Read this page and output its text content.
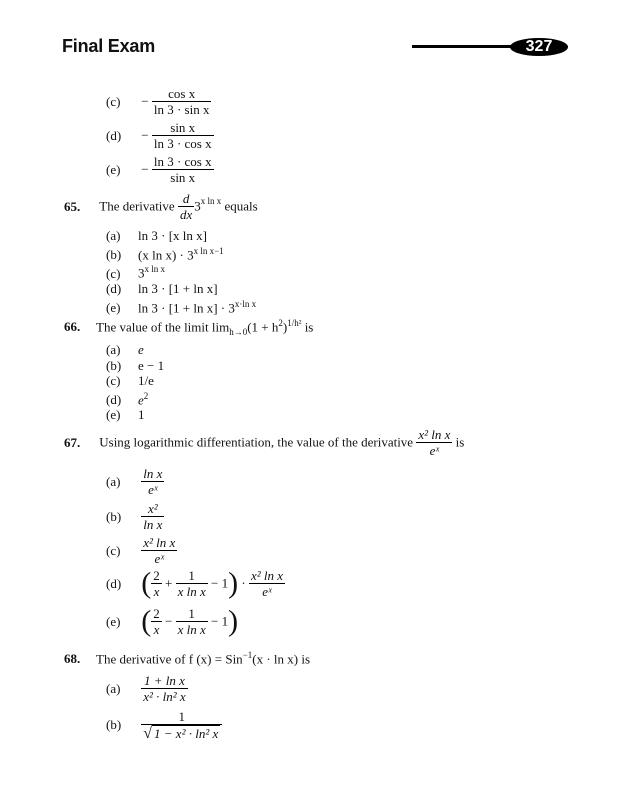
Final Exam	327
$(c) - \frac{\text{cos x}}{\text{ln 3 · sin x}}$
$(d) - \frac{\text{sin x}}{\text{ln 3 · cos x}}$
$(e) - \frac{\text{ln 3 · cos x}}{\text{sin x}}$
65. The derivative $\frac{d}{dx} 3^{x ln x}$ equals
(a) ln 3 · [x ln x]
(b) (x $\ln x) \cdot 3^{x ln x-1}$
(c) $3^{x ln x}$
(d) ln 3 · [1 + ln x]
(e) $\ln 3 \cdot [1 + \ln x] \cdot 3^{x\cdot ln x}$
66. The value of the limit $\lim_{h\to 0}(1 + h^2)^{1/h^2}$ is
(a) e
(b) e − 1
(c) 1/e
(d) $e^2$
(e) 1
67. Using logarithmic differentiation, the value of the derivative $\frac{\text{x² ln x}}{\text{eˣ}}$ is
$(a) \frac{\text{ln x}}{\text{eˣ}}$
$(b) \frac{\text{x²}}{\text{ln x}}$
$(c) \frac{\text{x² ln x}}{\text{eˣ}}$
(d) ( $\frac{2}{x} + \frac{1}{\text{x ln x}} - 1) \cdot \frac{\text{x² ln x}}{\text{eˣ}}$
(e) ( $\frac{2}{x} - \frac{1}{\text{x ln x}} - 1$)
68. The derivative of f (x) = Sin$^{-1}$(x · ln x) is
$(a) \frac{\text{1 + ln x}}{\text{x² · ln² x}}$
$(b) \frac{1}{\text{√ 1 − x² · ln² x}}$
